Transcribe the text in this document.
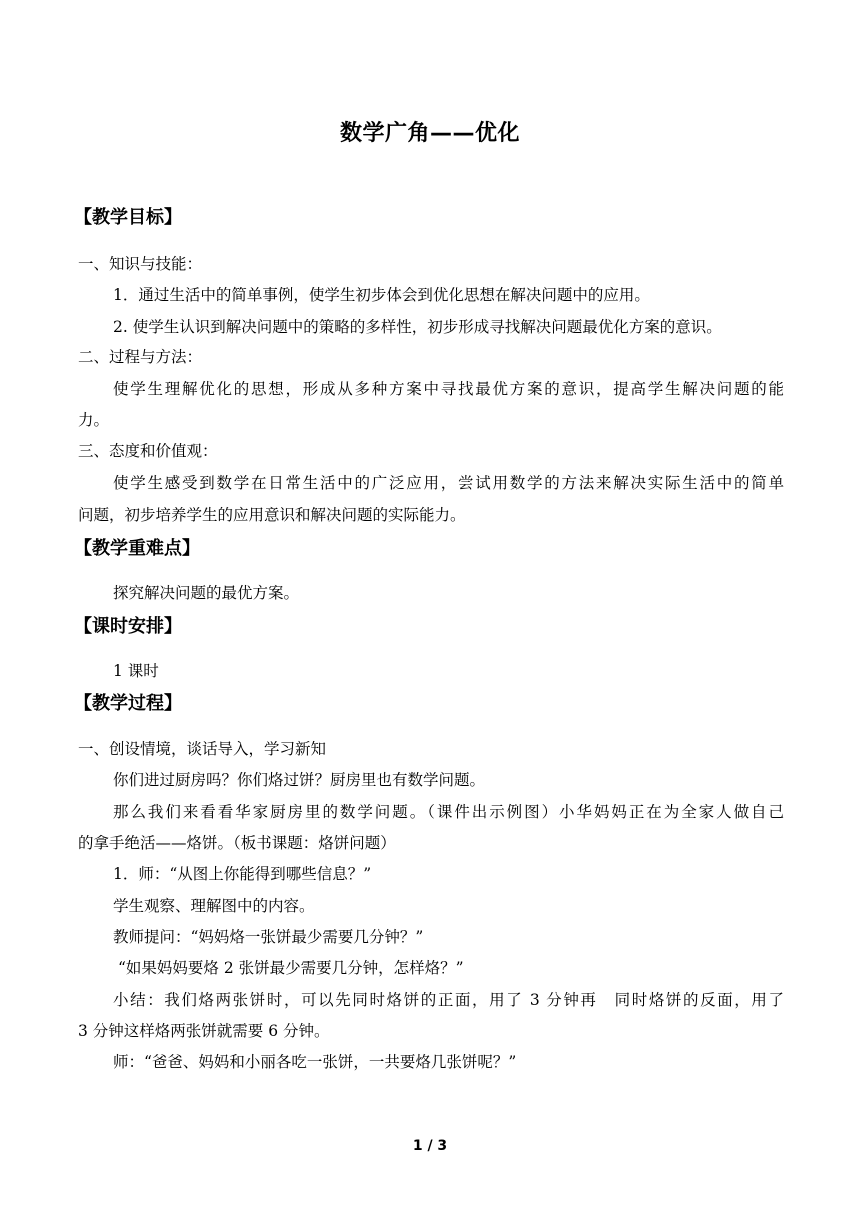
数学广角——优化
【教学目标】
一、知识与技能：
1．通过生活中的简单事例，使学生初步体会到优化思想在解决问题中的应用。
2. 使学生认识到解决问题中的策略的多样性，初步形成寻找解决问题最优化方案的意识。
二、过程与方法：
使学生理解优化的思想，形成从多种方案中寻找最优方案的意识，提高学生解决问题的能
力。
三、态度和价值观：
使学生感受到数学在日常生活中的广泛应用，尝试用数学的方法来解决实际生活中的简单
问题，初步培养学生的应用意识和解决问题的实际能力。
【教学重难点】
探究解决问题的最优方案。
【课时安排】
1 课时
【教学过程】
一、创设情境，谈话导入，学习新知
你们进过厨房吗？你们烙过饼？厨房里也有数学问题。
那么我们来看看华家厨房里的数学问题。（课件出示例图）小华妈妈正在为全家人做自己
的拿手绝活——烙饼。（板书课题：烙饼问题）
1．师：“从图上你能得到哪些信息？”
学生观察、理解图中的内容。
教师提问：“妈妈烙一张饼最少需要几分钟？”
“如果妈妈要烙 2 张饼最少需要几分钟，怎样烙？”
小结：我们烙两张饼时，可以先同时烙饼的正面，用了 3 分钟再　同时烙饼的反面，用了
3 分钟这样烙两张饼就需要 6 分钟。
师：“爸爸、妈妈和小丽各吃一张饼，一共要烙几张饼呢？”
1 / 3
